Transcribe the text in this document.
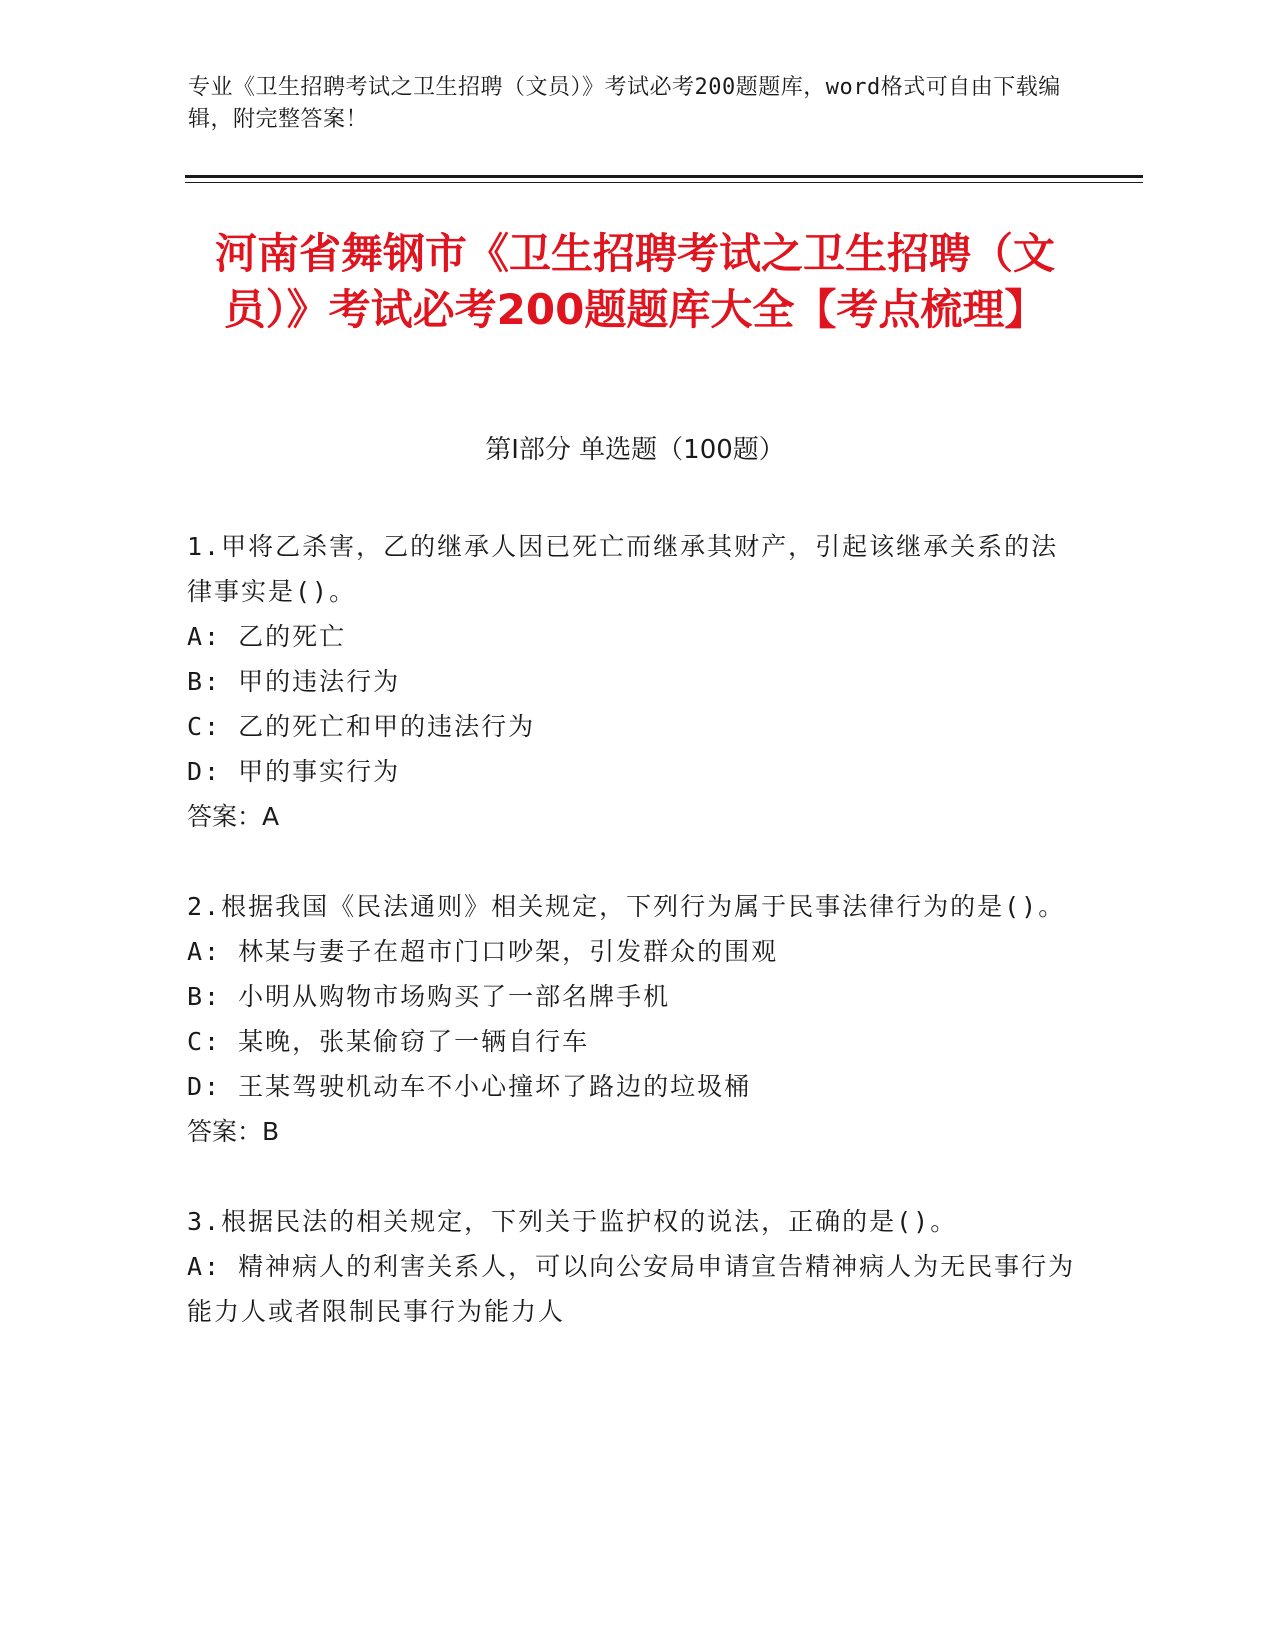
专业《卫生招聘考试之卫生招聘（文员）》考试必考200题题库，word格式可自由下载编辑，附完整答案！
河南省舞钢市《卫生招聘考试之卫生招聘（文员）》考试必考200题题库大全【考点梳理】
第Ⅰ部分 单选题（100题）
1.甲将乙杀害，乙的继承人因已死亡而继承其财产，引起该继承关系的法律事实是()。
A: 乙的死亡
B: 甲的违法行为
C: 乙的死亡和甲的违法行为
D: 甲的事实行为
答案：A
2.根据我国《民法通则》相关规定，下列行为属于民事法律行为的是()。
A: 林某与妻子在超市门口吵架，引发群众的围观
B: 小明从购物市场购买了一部名牌手机
C: 某晚，张某偷窃了一辆自行车
D: 王某驾驶机动车不小心撞坏了路边的垃圾桶
答案：B
3.根据民法的相关规定，下列关于监护权的说法，正确的是()。
A: 精神病人的利害关系人，可以向公安局申请宣告精神病人为无民事行为能力人或者限制民事行为能力人
